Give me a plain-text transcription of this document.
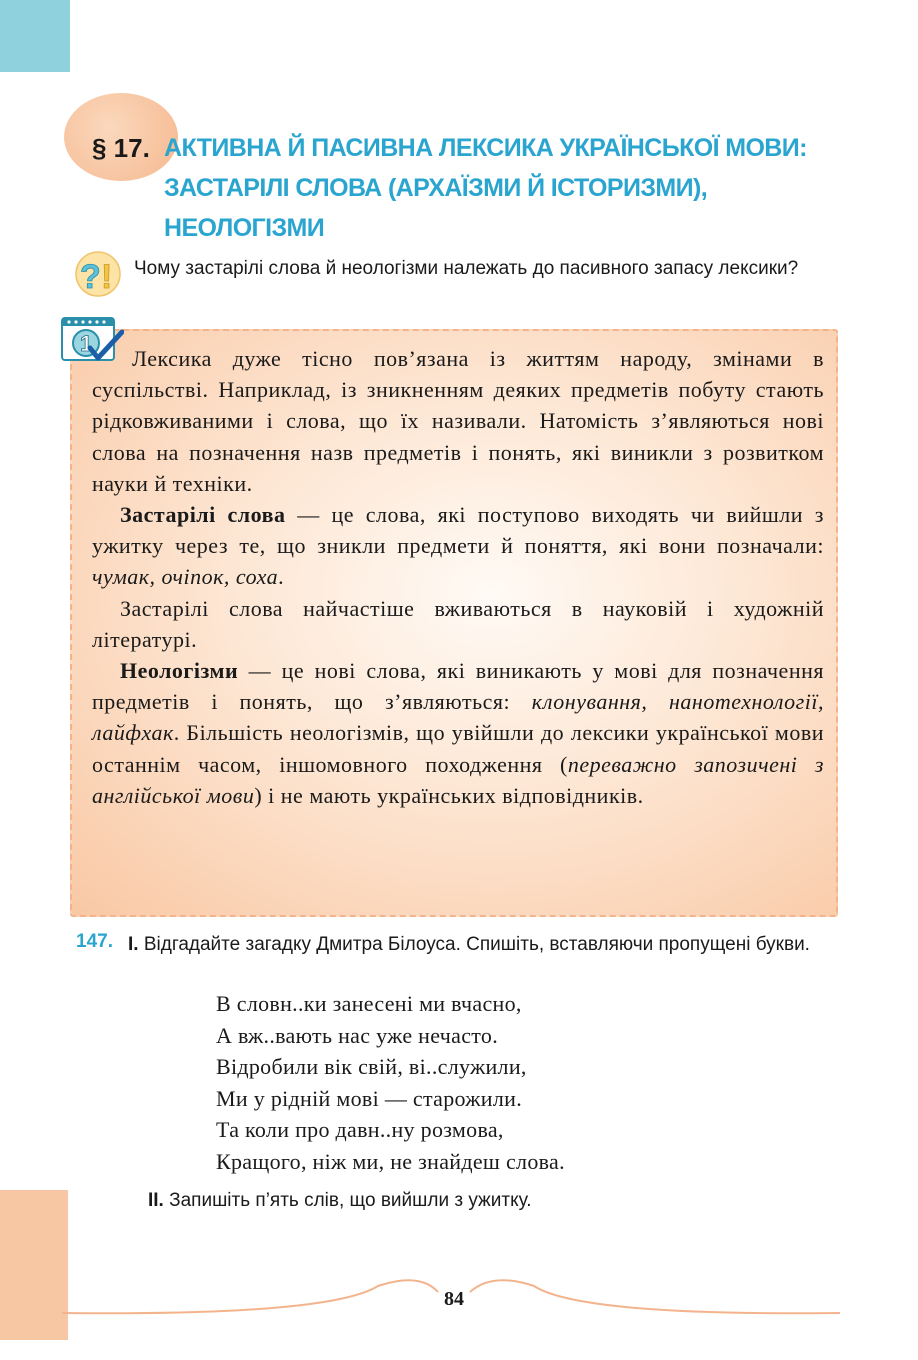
§ 17. АКТИВНА Й ПАСИВНА ЛЕКСИКА УКРАЇНСЬКОЇ МОВИ:
ЗАСТАРІЛІ СЛОВА (АРХАЇЗМИ Й ІСТОРИЗМИ),
НЕОЛОГІЗМИ
? ! Чому застарілі слова й неологізми належать до пасивного запасу лексики?
1

Лексика дуже тісно пов’язана із життям народу, змінами в суспільстві. Наприклад, із зникненням деяких предметів побуту стають рідковживаними і слова, що їх називали. Натомість з’являються нові слова на позначення назв предметів і понять, які виникли з розвитком науки й техніки.

Застарілі слова — це слова, які поступово виходять чи вийшли з ужитку через те, що зникли предмети й поняття, які вони позначали: чумак, очіпок, соха.

Застарілі слова найчастіше вживаються в науковій і художній літературі.

Неологізми — це нові слова, які виникають у мові для позначення предметів і понять, що з’являються: клонування, нанотехнології, лайфхак. Більшість неологізмів, що увійшли до лексики української мови останнім часом, іншомовного походження (переважно запозичені з англійської мови) і не мають українських відповідників.

147. І. Відгадайте загадку Дмитра Білоуса. Спишіть, вставляючи пропущені букви.
В словн..ки занесені ми вчасно,
А вж..вають нас уже нечасто.
Відробили вік свій, ві..служили,
Ми у рідній мові — старожили.
Та коли про давн..ну розмова,
Кращого, ніж ми, не знайдеш слова.
ІІ. Запишіть п’ять слів, що вийшли з ужитку.
84
